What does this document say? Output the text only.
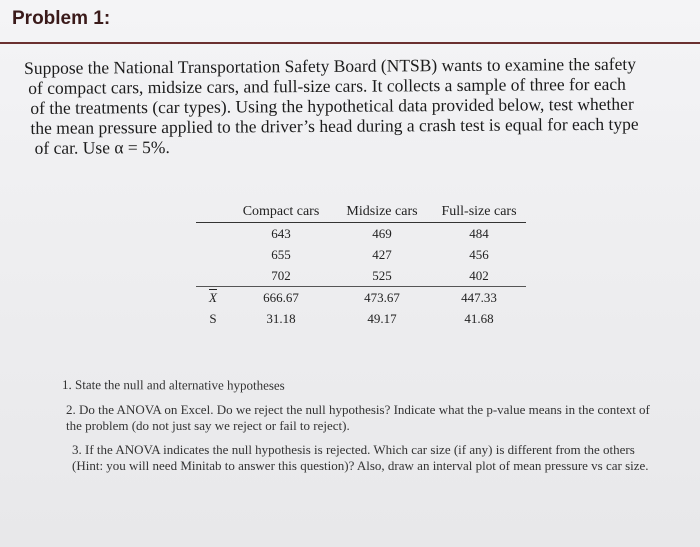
Problem 1:
Suppose the National Transportation Safety Board (NTSB) wants to examine the safety
of compact cars, midsize cars, and full-size cars. It collects a sample of three for each
of the treatments (car types). Using the hypothetical data provided below, test whether
the mean pressure applied to the driver’s head during a crash test is equal for each type
of car. Use α = 5%.
	Compact cars	Midsize cars	Full-size cars
	643	469	484
	655	427	456
	702	525	402
$\overline{X}$	666.67	473.67	447.33
S	31.18	49.17	41.68

1. State the null and alternative hypotheses

2. Do the ANOVA on Excel. Do we reject the null hypothesis? Indicate what the p-value means in the context of the problem (do not just say we reject or fail to reject).

3. If the ANOVA indicates the null hypothesis is rejected. Which car size (if any) is different from the others (Hint: you will need Minitab to answer this question)? Also, draw an interval plot of mean pressure vs car size.
